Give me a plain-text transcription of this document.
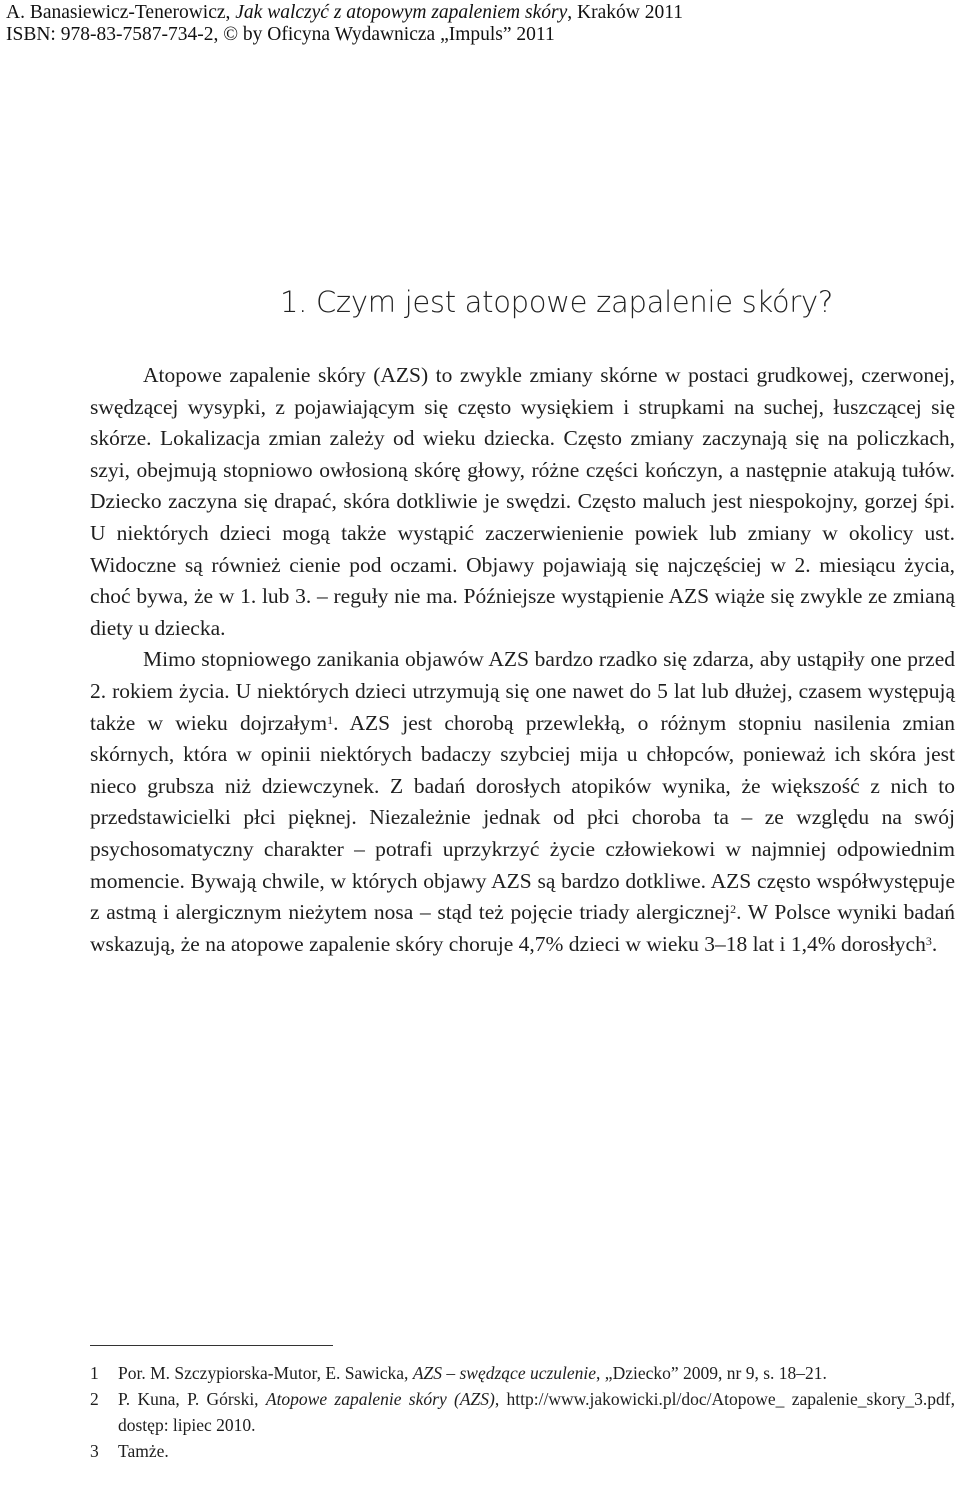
A. Banasiewicz-Tenerowicz, Jak walczyć z atopowym zapaleniem skóry, Kraków 2011
ISBN: 978-83-7587-734-2, © by Oficyna Wydawnicza „Impuls” 2011
1. Czym jest atopowe zapalenie skóry?

Atopowe zapalenie skóry (AZS) to zwykle zmiany skórne w postaci grudkowej, czerwonej, swędzącej wysypki, z pojawiającym się często wysiękiem i strupkami na suchej, łuszczącej się skórze. Lokalizacja zmian zależy od wieku dziecka. Często zmiany zaczynają się na policzkach, szyi, obejmują stopniowo owłosioną skórę głowy, różne części kończyn, a następnie atakują tułów. Dziecko zaczyna się drapać, skóra dotkliwie je swędzi. Często maluch jest niespokojny, gorzej śpi. U niektórych dzieci mogą także wystąpić zaczerwienienie powiek lub zmiany w okolicy ust. Widoczne są również cienie pod oczami. Objawy pojawiają się najczęściej w 2. miesiącu życia, choć bywa, że w 1. lub 3. – reguły nie ma. Późniejsze wystąpienie AZS wiąże się zwykle ze zmianą diety u dziecka.

Mimo stopniowego zanikania objawów AZS bardzo rzadko się zdarza, aby ustąpiły one przed 2. rokiem życia. U niektórych dzieci utrzymują się one nawet do 5 lat lub dłużej, czasem występują także w wieku dojrzałym$^1$. AZS jest chorobą przewlekłą, o różnym stopniu nasilenia zmian skórnych, która w opinii niektórych badaczy szybciej mija u chłopców, ponieważ ich skóra jest nieco grubsza niż dziewczynek. Z badań dorosłych atopików wynika, że większość z nich to przedstawicielki płci pięknej. Niezależnie jednak od płci choroba ta – ze względu na swój psychosomatyczny charakter – potrafi uprzykrzyć życie człowiekowi w najmniej odpowiednim momencie. Bywają chwile, w których objawy AZS są bardzo dotkliwe. AZS często współwystępuje z astmą i alergicznym nieżytem nosa – stąd też pojęcie triady alergicznej$^2$. W Polsce wyniki badań wskazują, że na atopowe zapalenie skóry choruje 4,7% dzieci w wieku 3–18 lat i 1,4% dorosłych$^3$.

1 Por. M. Szczypiorska-Mutor, E. Sawicka, AZS – swędzące uczulenie, „Dziecko” 2009, nr 9, s. 18–21.
2 P. Kuna, P. Górski, Atopowe zapalenie skóry (AZS), http://www.jakowicki.pl/doc/Atopowe_ zapalenie_skory_3.pdf, dostęp: lipiec 2010.
3 Tamże.
